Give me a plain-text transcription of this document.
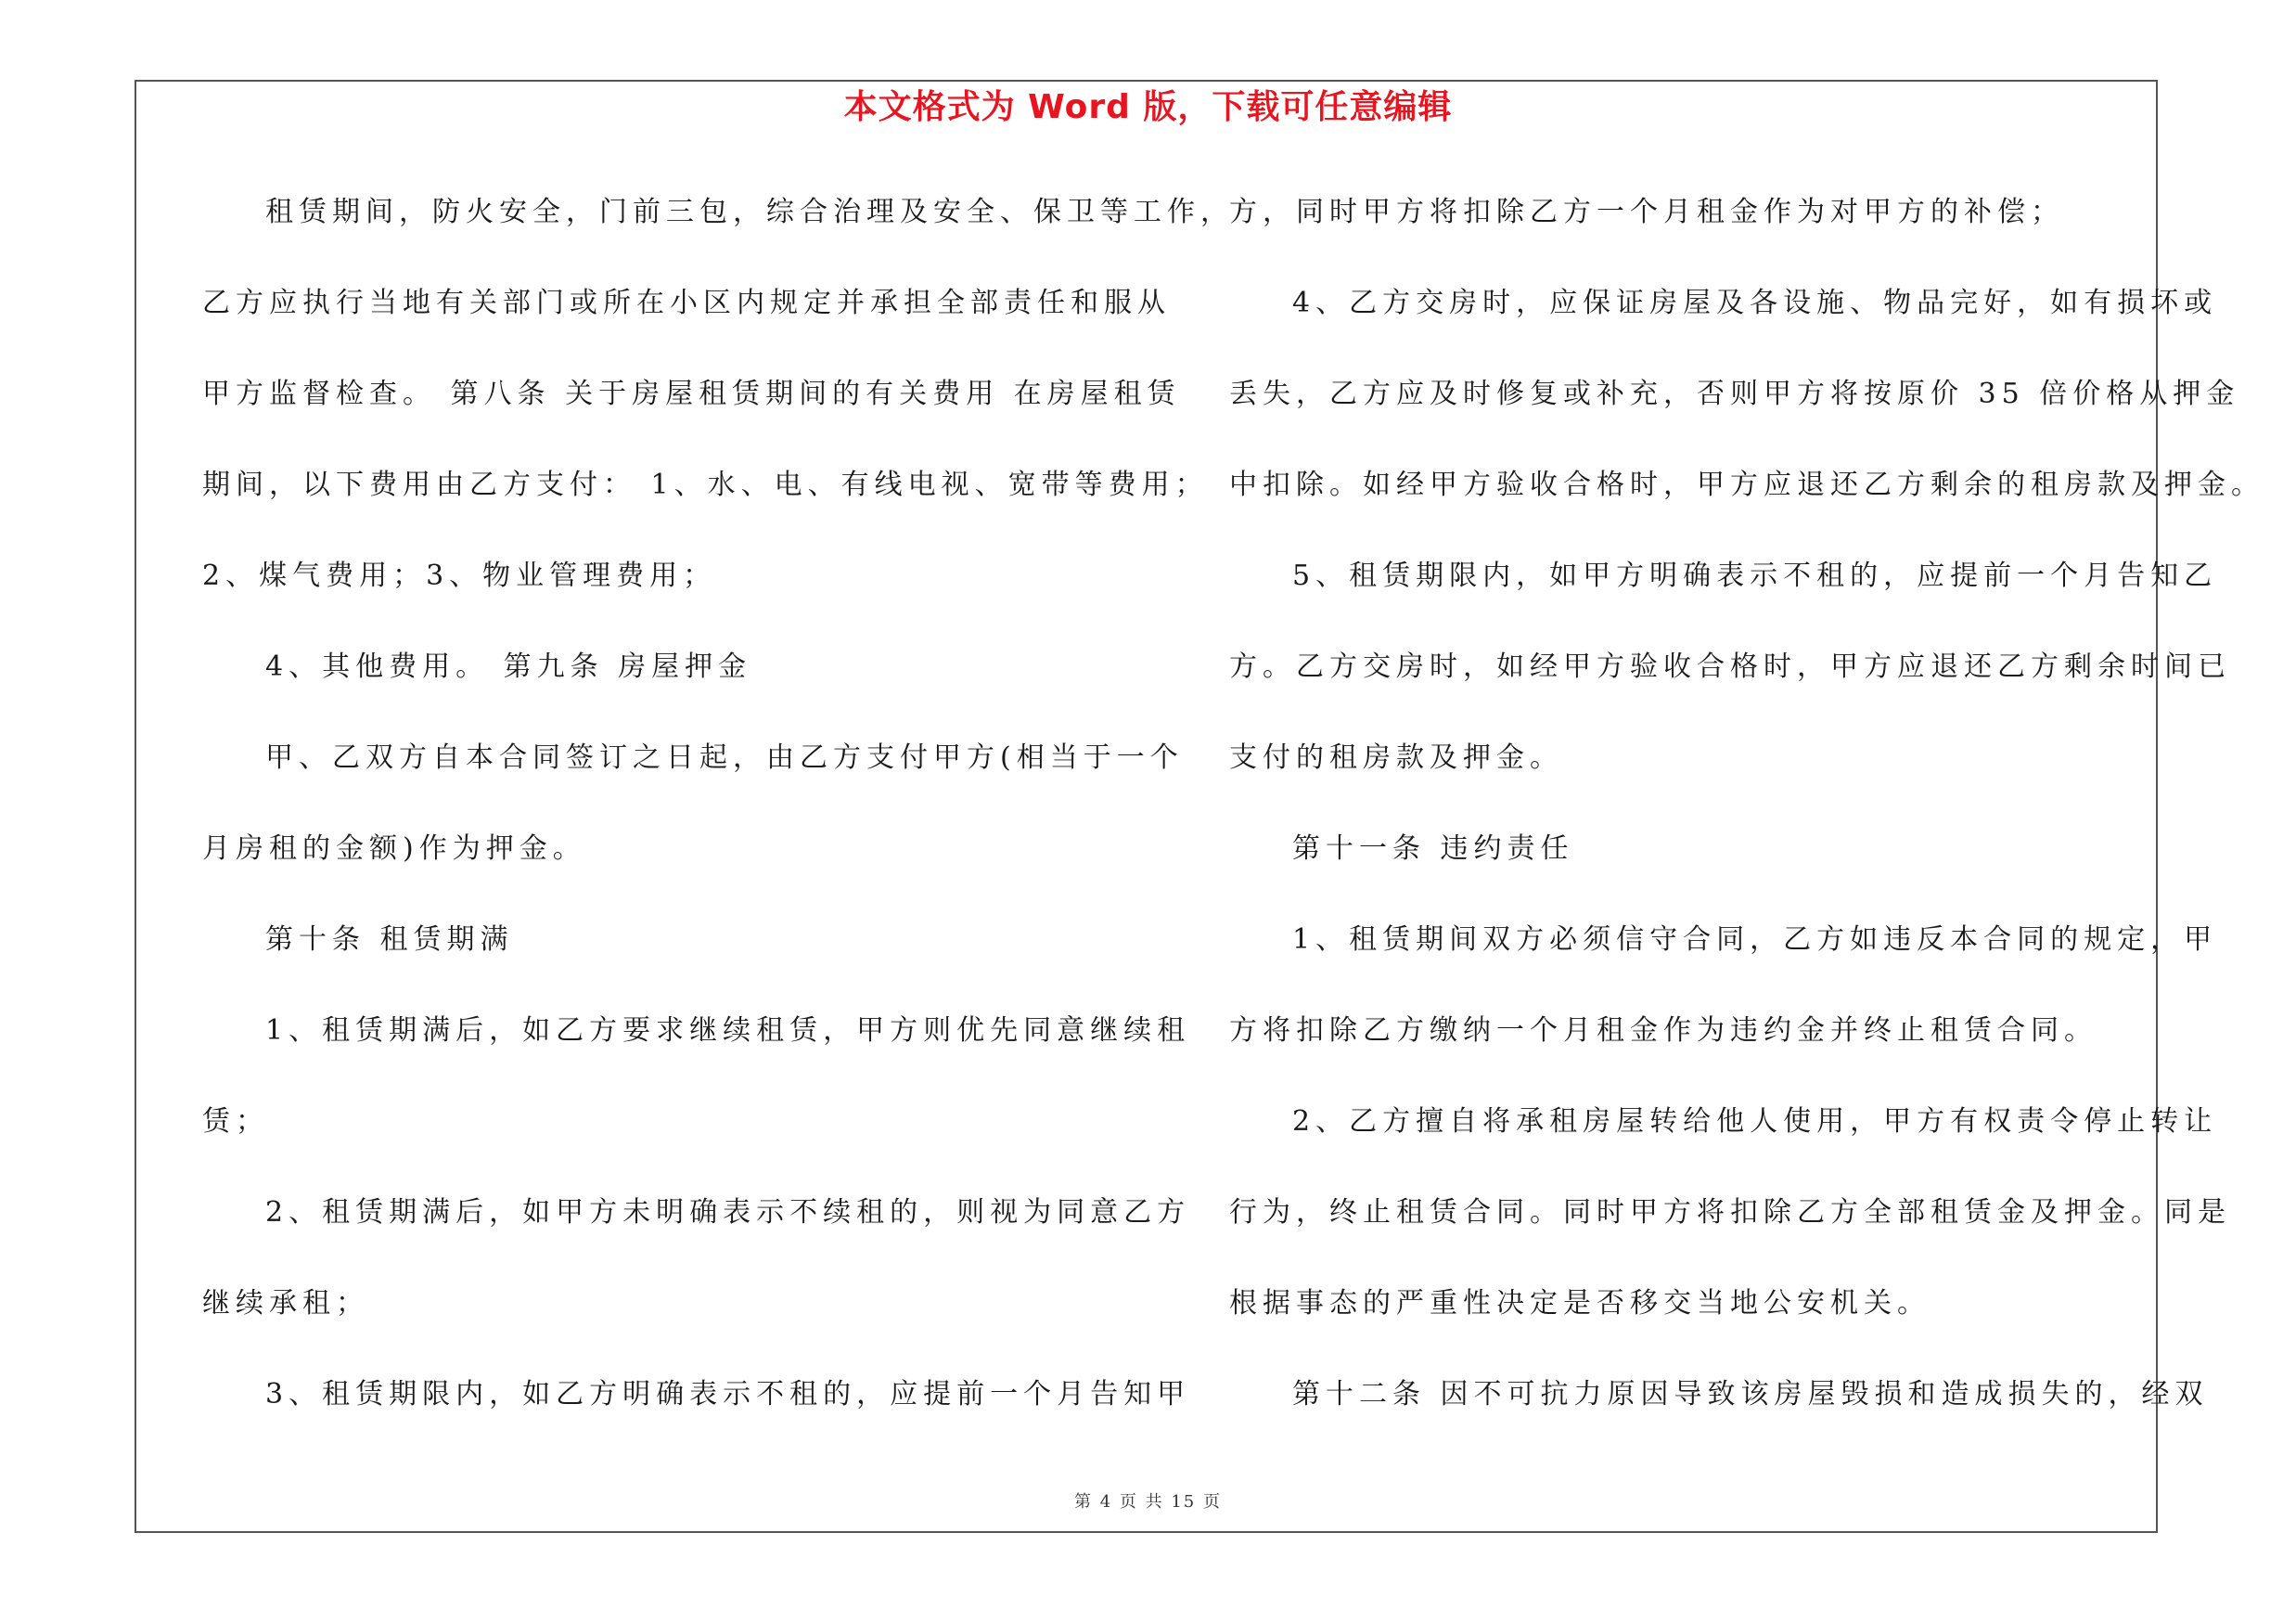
本文格式为 Word 版，下载可任意编辑
租赁期间，防火安全，门前三包，综合治理及安全、保卫等工作，
乙方应执行当地有关部门或所在小区内规定并承担全部责任和服从
甲方监督检查。 第八条 关于房屋租赁期间的有关费用 在房屋租赁
期间，以下费用由乙方支付： 1、水、电、有线电视、宽带等费用；
2、煤气费用；3、物业管理费用；
4、其他费用。 第九条 房屋押金
甲、乙双方自本合同签订之日起，由乙方支付甲方(相当于一个
月房租的金额)作为押金。
第十条 租赁期满
1、租赁期满后，如乙方要求继续租赁，甲方则优先同意继续租
赁；
2、租赁期满后，如甲方未明确表示不续租的，则视为同意乙方
继续承租；
3、租赁期限内，如乙方明确表示不租的，应提前一个月告知甲
方，同时甲方将扣除乙方一个月租金作为对甲方的补偿；
4、乙方交房时，应保证房屋及各设施、物品完好，如有损坏或
丢失，乙方应及时修复或补充，否则甲方将按原价 35 倍价格从押金
中扣除。如经甲方验收合格时，甲方应退还乙方剩余的租房款及押金。
5、租赁期限内，如甲方明确表示不租的，应提前一个月告知乙
方。乙方交房时，如经甲方验收合格时，甲方应退还乙方剩余时间已
支付的租房款及押金。
第十一条 违约责任
1、租赁期间双方必须信守合同，乙方如违反本合同的规定，甲
方将扣除乙方缴纳一个月租金作为违约金并终止租赁合同。
2、乙方擅自将承租房屋转给他人使用，甲方有权责令停止转让
行为，终止租赁合同。同时甲方将扣除乙方全部租赁金及押金。同是
根据事态的严重性决定是否移交当地公安机关。
第十二条 因不可抗力原因导致该房屋毁损和造成损失的，经双
第 4 页 共 15 页
